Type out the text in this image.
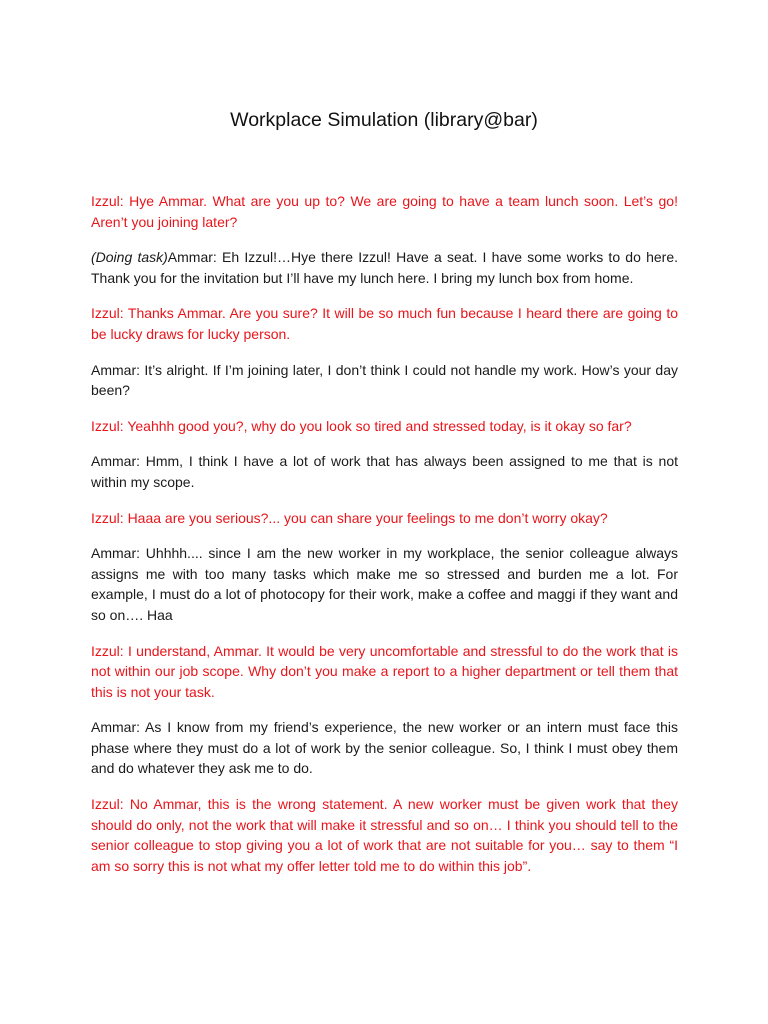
Workplace Simulation (library@bar)

Izzul: Hye Ammar. What are you up to? We are going to have a team lunch soon. Let’s go! Aren’t you joining later?

(Doing task)Ammar: Eh Izzul!…Hye there Izzul! Have a seat. I have some works to do here. Thank you for the invitation but I’ll have my lunch here. I bring my lunch box from home.

Izzul: Thanks Ammar. Are you sure? It will be so much fun because I heard there are going to be lucky draws for lucky person.

Ammar: It’s alright. If I’m joining later, I don’t think I could not handle my work. How’s your day been?

Izzul: Yeahhh good you?, why do you look so tired and stressed today, is it okay so far?

Ammar: Hmm, I think I have a lot of work that has always been assigned to me that is not within my scope.

Izzul: Haaa are you serious?... you can share your feelings to me don’t worry okay?

Ammar: Uhhhh.... since I am the new worker in my workplace, the senior colleague always assigns me with too many tasks which make me so stressed and burden me a lot. For example, I must do a lot of photocopy for their work, make a coffee and maggi if they want and so on…. Haa

Izzul: I understand, Ammar. It would be very uncomfortable and stressful to do the work that is not within our job scope. Why don’t you make a report to a higher department or tell them that this is not your task.

Ammar: As I know from my friend’s experience, the new worker or an intern must face this phase where they must do a lot of work by the senior colleague. So, I think I must obey them and do whatever they ask me to do.

Izzul: No Ammar, this is the wrong statement. A new worker must be given work that they should do only, not the work that will make it stressful and so on… I think you should tell to the senior colleague to stop giving you a lot of work that are not suitable for you… say to them “I am so sorry this is not what my offer letter told me to do within this job”.
